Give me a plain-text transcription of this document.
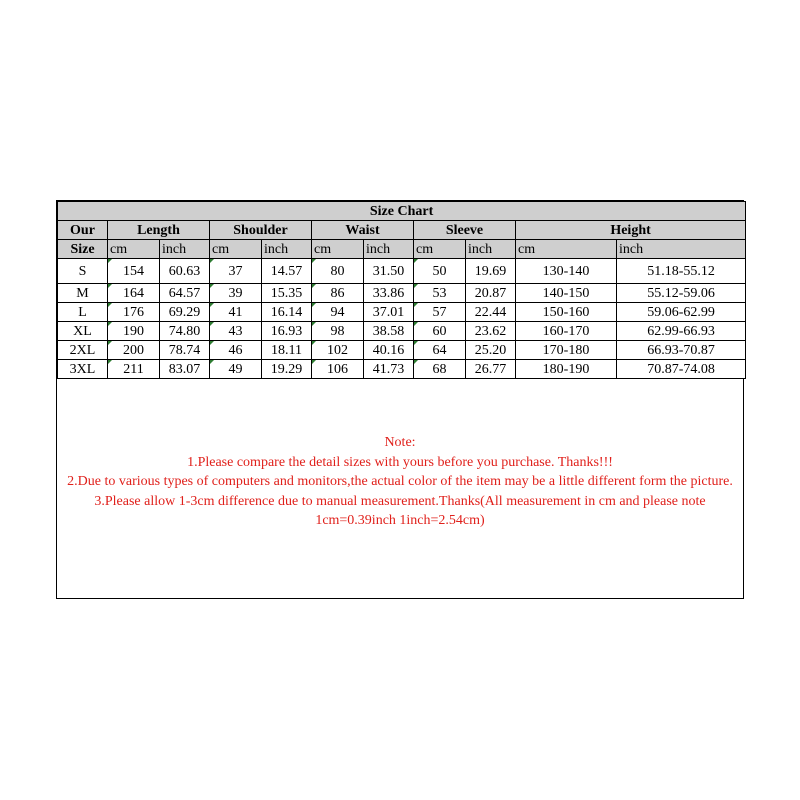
Size Chart										
Our	Length		Shoulder		Waist		Sleeve		Height	
Size	cm	inch	cm	inch	cm	inch	cm	inch	cm	inch
S	154	60.63	37	14.57	80	31.50	50	19.69	130-140	51.18-55.12
M	164	64.57	39	15.35	86	33.86	53	20.87	140-150	55.12-59.06
L	176	69.29	41	16.14	94	37.01	57	22.44	150-160	59.06-62.99
XL	190	74.80	43	16.93	98	38.58	60	23.62	160-170	62.99-66.93
2XL	200	78.74	46	18.11	102	40.16	64	25.20	170-180	66.93-70.87
3XL	211	83.07	49	19.29	106	41.73	68	26.77	180-190	70.87-74.08
Note:
1.Please compare the detail sizes with yours before you purchase. Thanks!!!
2.Due to various types of computers and monitors,the actual color of the item may be a little different form the picture.
3.Please allow 1-3cm difference due to manual measurement.Thanks(All measurement in cm and please note 1cm=0.39inch 1inch=2.54cm)
